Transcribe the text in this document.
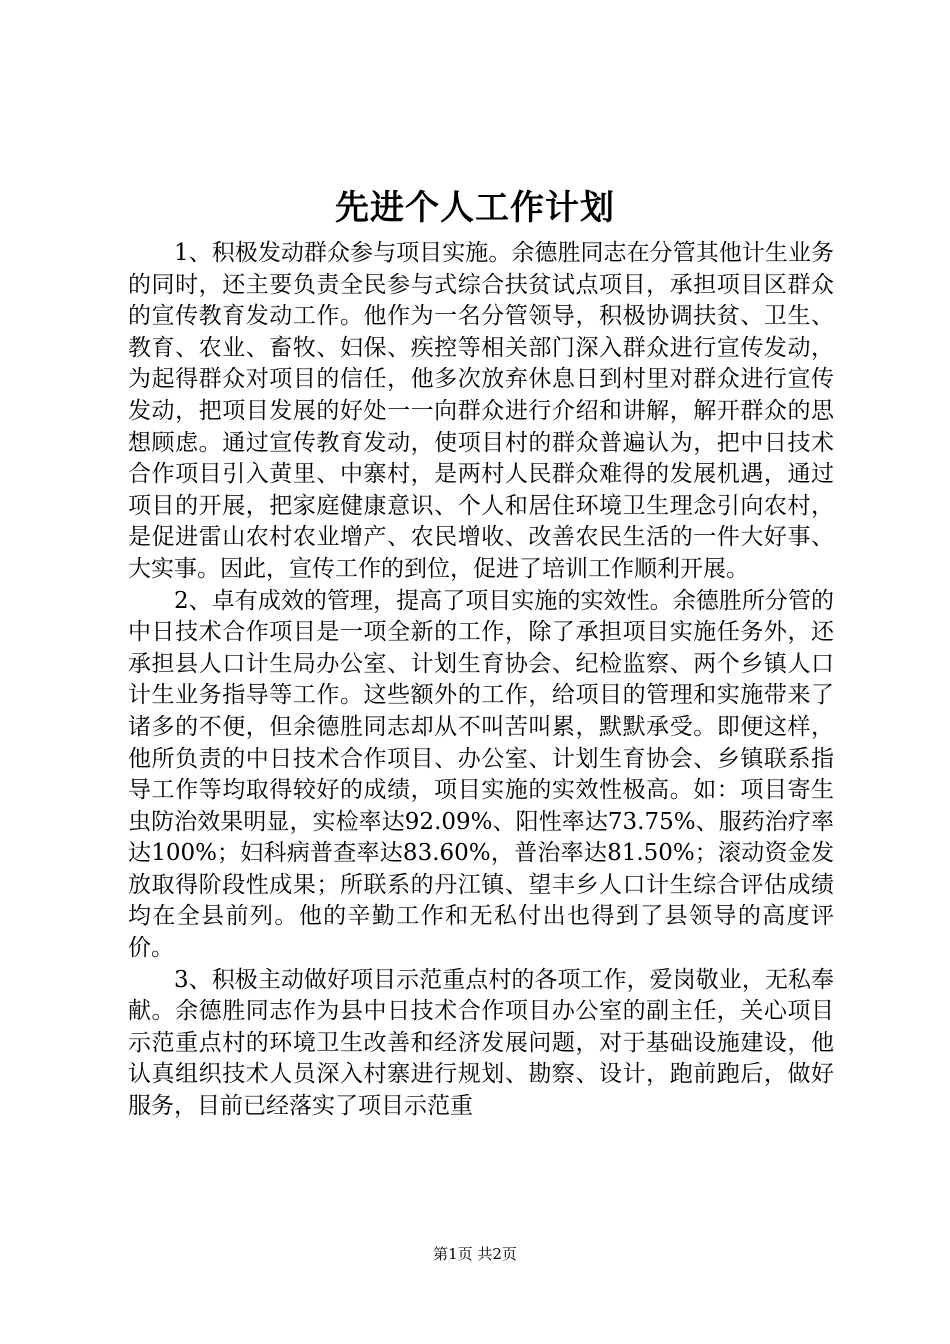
先进个人工作计划

1、积极发动群众参与项目实施。余德胜同志在分管其他计生业务的同时，还主要负责全民参与式综合扶贫试点项目，承担项目区群众的宣传教育发动工作。他作为一名分管领导，积极协调扶贫、卫生、教育、农业、畜牧、妇保、疾控等相关部门深入群众进行宣传发动，为起得群众对项目的信任，他多次放弃休息日到村里对群众进行宣传发动，把项目发展的好处一一向群众进行介绍和讲解，解开群众的思想顾虑。通过宣传教育发动，使项目村的群众普遍认为，把中日技术合作项目引入黄里、中寨村，是两村人民群众难得的发展机遇，通过项目的开展，把家庭健康意识、个人和居住环境卫生理念引向农村，是促进雷山农村农业增产、农民增收、改善农民生活的一件大好事、大实事。因此，宣传工作的到位，促进了培训工作顺利开展。

2、卓有成效的管理，提高了项目实施的实效性。余德胜所分管的中日技术合作项目是一项全新的工作，除了承担项目实施任务外，还承担县人口计生局办公室、计划生育协会、纪检监察、两个乡镇人口计生业务指导等工作。这些额外的工作，给项目的管理和实施带来了诸多的不便，但余德胜同志却从不叫苦叫累，默默承受。即便这样，他所负责的中日技术合作项目、办公室、计划生育协会、乡镇联系指导工作等均取得较好的成绩，项目实施的实效性极高。如：项目寄生虫防治效果明显，实检率达92.09%、阳性率达73.75%、服药治疗率达100%；妇科病普查率达83.60%，普治率达81.50%；滚动资金发放取得阶段性成果；所联系的丹江镇、望丰乡人口计生综合评估成绩均在全县前列。他的辛勤工作和无私付出也得到了县领导的高度评价。

3、积极主动做好项目示范重点村的各项工作，爱岗敬业，无私奉献。余德胜同志作为县中日技术合作项目办公室的副主任，关心项目示范重点村的环境卫生改善和经济发展问题，对于基础设施建设，他认真组织技术人员深入村寨进行规划、勘察、设计，跑前跑后，做好服务，目前已经落实了项目示范重

第1页 共2页
